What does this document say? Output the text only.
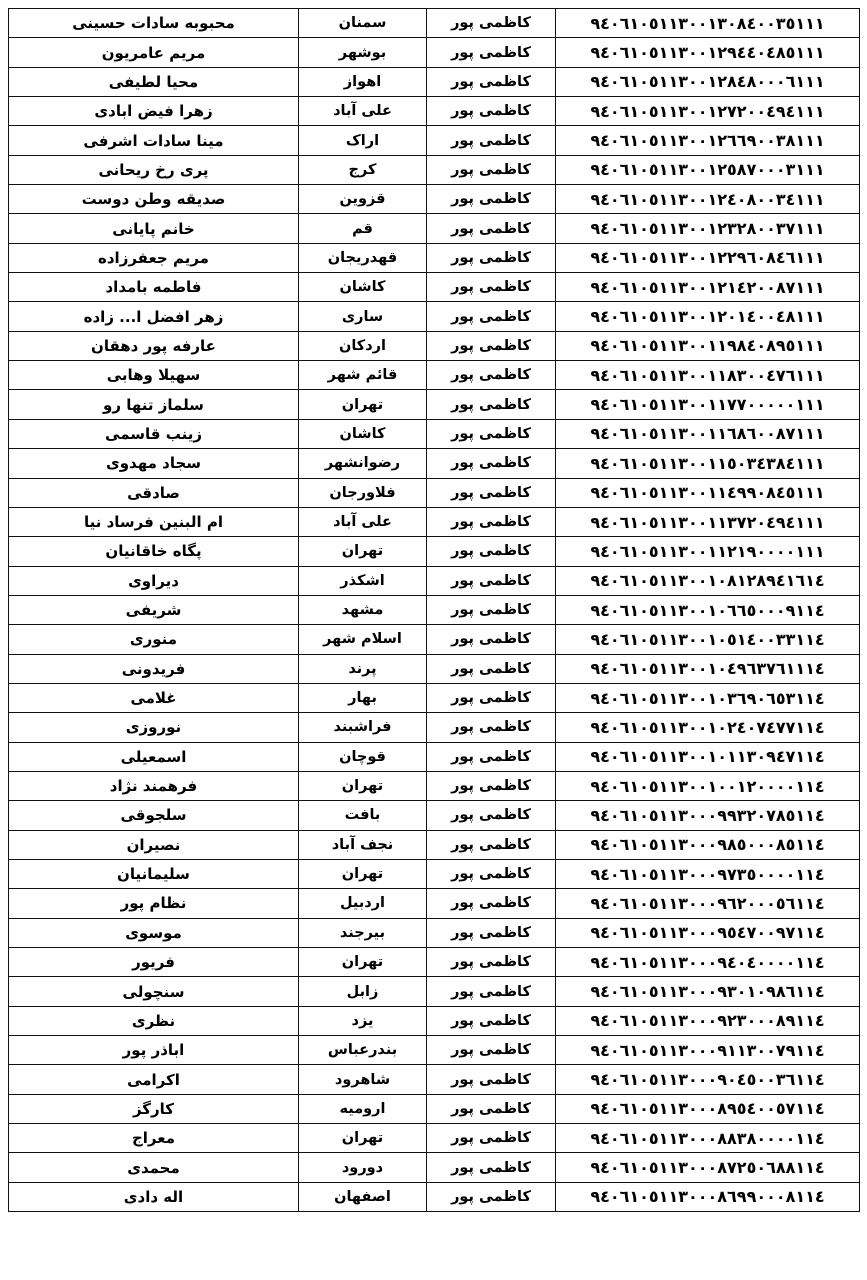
محبوبه سادات حسینی	سمنان	کاظمی پور	۹٤۰٦۱۰٥۱۱۳۰۰۱۳۰۸٤۰۰۳٥۱۱۱
مریم عامریون	بوشهر	کاظمی پور	۹٤۰٦۱۰٥۱۱۳۰۰۱۲۹٤٤۰٤۸٥۱۱۱
محیا لطیفی	اهواز	کاظمی پور	۹٤۰٦۱۰٥۱۱۳۰۰۱۲۸٤۸۰۰۰٦۱۱۱
زهرا فیض ابادی	علی آباد	کاظمی پور	۹٤۰٦۱۰٥۱۱۳۰۰۱۲۷۲۰۰٤۹٤۱۱۱
مینا سادات اشرفی	اراک	کاظمی پور	۹٤۰٦۱۰٥۱۱۳۰۰۱۲٦٦۹۰۰۳۸۱۱۱
پری رخ ریحانی	کرج	کاظمی پور	۹٤۰٦۱۰٥۱۱۳۰۰۱۲٥۸۷۰۰۰۳۱۱۱
صدیقه وطن دوست	قزوین	کاظمی پور	۹٤۰٦۱۰٥۱۱۳۰۰۱۲٤۰۸۰۰۳٤۱۱۱
خانم پایانی	قم	کاظمی پور	۹٤۰٦۱۰٥۱۱۳۰۰۱۲۳۲۸۰۰۳۷۱۱۱
مریم جعفرزاده	قهدریجان	کاظمی پور	۹٤۰٦۱۰٥۱۱۳۰۰۱۲۲۹٦۰۸٤٦۱۱۱
فاطمه بامداد	کاشان	کاظمی پور	۹٤۰٦۱۰٥۱۱۳۰۰۱۲۱٤۲۰۰۸۷۱۱۱
زهر افضل ا... زاده	ساری	کاظمی پور	۹٤۰٦۱۰٥۱۱۳۰۰۱۲۰۱٤۰۰٤۸۱۱۱
عارفه پور دهقان	اردکان	کاظمی پور	۹٤۰٦۱۰٥۱۱۳۰۰۱۱۹۸٤۰۸۹٥۱۱۱
سهیلا وهابی	قائم شهر	کاظمی پور	۹٤۰٦۱۰٥۱۱۳۰۰۱۱۸۳۰۰٤۷٦۱۱۱
سلماز تنها رو	تهران	کاظمی پور	۹٤۰٦۱۰٥۱۱۳۰۰۱۱۷۷۰۰۰۰۰۱۱۱
زینب قاسمی	کاشان	کاظمی پور	۹٤۰٦۱۰٥۱۱۳۰۰۱۱٦۸٦۰۰۸۷۱۱۱
سجاد مهدوی	رضوانشهر	کاظمی پور	۹٤۰٦۱۰٥۱۱۳۰۰۱۱٥۰۳٤۳۸٤۱۱۱
صادقی	فلاورجان	کاظمی پور	۹٤۰٦۱۰٥۱۱۳۰۰۱۱٤۹۹۰۸٤٥۱۱۱
ام البنین فرساد نیا	علی آباد	کاظمی پور	۹٤۰٦۱۰٥۱۱۳۰۰۱۱۳۷۲۰٤۹٤۱۱۱
پگاه خاقانیان	تهران	کاظمی پور	۹٤۰٦۱۰٥۱۱۳۰۰۱۱۲۱۹۰۰۰۰۱۱۱
دیراوی	اشکذر	کاظمی پور	۹٤۰٦۱۰٥۱۱۳۰۰۱۰۸۱۲۸۹٤۱٦۱٤
شریفی	مشهد	کاظمی پور	۹٤۰٦۱۰٥۱۱۳۰۰۱۰٦٦٥۰۰۰۹۱۱٤
منوری	اسلام شهر	کاظمی پور	۹٤۰٦۱۰٥۱۱۳۰۰۱۰٥۱٤۰۰۳۳۱۱٤
فریدونی	پرند	کاظمی پور	۹٤۰٦۱۰٥۱۱۳۰۰۱۰٤۹٦۳۷٦۱۱۱٤
غلامی	بهار	کاظمی پور	۹٤۰٦۱۰٥۱۱۳۰۰۱۰۳٦۹۰٦٥۳۱۱٤
نوروزی	فراشبند	کاظمی پور	۹٤۰٦۱۰٥۱۱۳۰۰۱۰۲٤۰۷٤۷۷۱۱٤
اسمعیلی	قوچان	کاظمی پور	۹٤۰٦۱۰٥۱۱۳۰۰۱۰۱۱۳۰۹٤۷۱۱٤
فرهمند نژاد	تهران	کاظمی پور	۹٤۰٦۱۰٥۱۱۳۰۰۱۰۰۱۲۰۰۰۰۱۱٤
سلجوقی	بافت	کاظمی پور	۹٤۰٦۱۰٥۱۱۳۰۰۰۹۹۳۲۰۷۸٥۱۱٤
نصیران	نجف آباد	کاظمی پور	۹٤۰٦۱۰٥۱۱۳۰۰۰۹۸٥۰۰۰۸٥۱۱٤
سلیمانیان	تهران	کاظمی پور	۹٤۰٦۱۰٥۱۱۳۰۰۰۹۷۳٥۰۰۰۰۱۱٤
نظام پور	اردبیل	کاظمی پور	۹٤۰٦۱۰٥۱۱۳۰۰۰۹٦۲۰۰۰٥٦۱۱٤
موسوی	بیرجند	کاظمی پور	۹٤۰٦۱۰٥۱۱۳۰۰۰۹٥٤۷۰۰۹۷۱۱٤
فریور	تهران	کاظمی پور	۹٤۰٦۱۰٥۱۱۳۰۰۰۹٤۰٤۰۰۰۰۱۱٤
سنچولی	زابل	کاظمی پور	۹٤۰٦۱۰٥۱۱۳۰۰۰۹۳۰۱۰۹۸٦۱۱٤
نظری	یزد	کاظمی پور	۹٤۰٦۱۰٥۱۱۳۰۰۰۹۲۳۰۰۰۸۹۱۱٤
اباذر پور	بندرعباس	کاظمی پور	۹٤۰٦۱۰٥۱۱۳۰۰۰۹۱۱۳۰۰۷۹۱۱٤
اکرامی	شاهرود	کاظمی پور	۹٤۰٦۱۰٥۱۱۳۰۰۰۹۰٤٥۰۰۳٦۱۱٤
کارگز	ارومیه	کاظمی پور	۹٤۰٦۱۰٥۱۱۳۰۰۰۸۹٥٤۰۰٥۷۱۱٤
معراج	تهران	کاظمی پور	۹٤۰٦۱۰٥۱۱۳۰۰۰۸۸۳۸۰۰۰۰۱۱٤
محمدی	دورود	کاظمی پور	۹٤۰٦۱۰٥۱۱۳۰۰۰۸۷۲٥۰٦۸۸۱۱٤
اله دادی	اصفهان	کاظمی پور	۹٤۰٦۱۰٥۱۱۳۰۰۰۸٦۹۹۰۰۰۸۱۱٤
